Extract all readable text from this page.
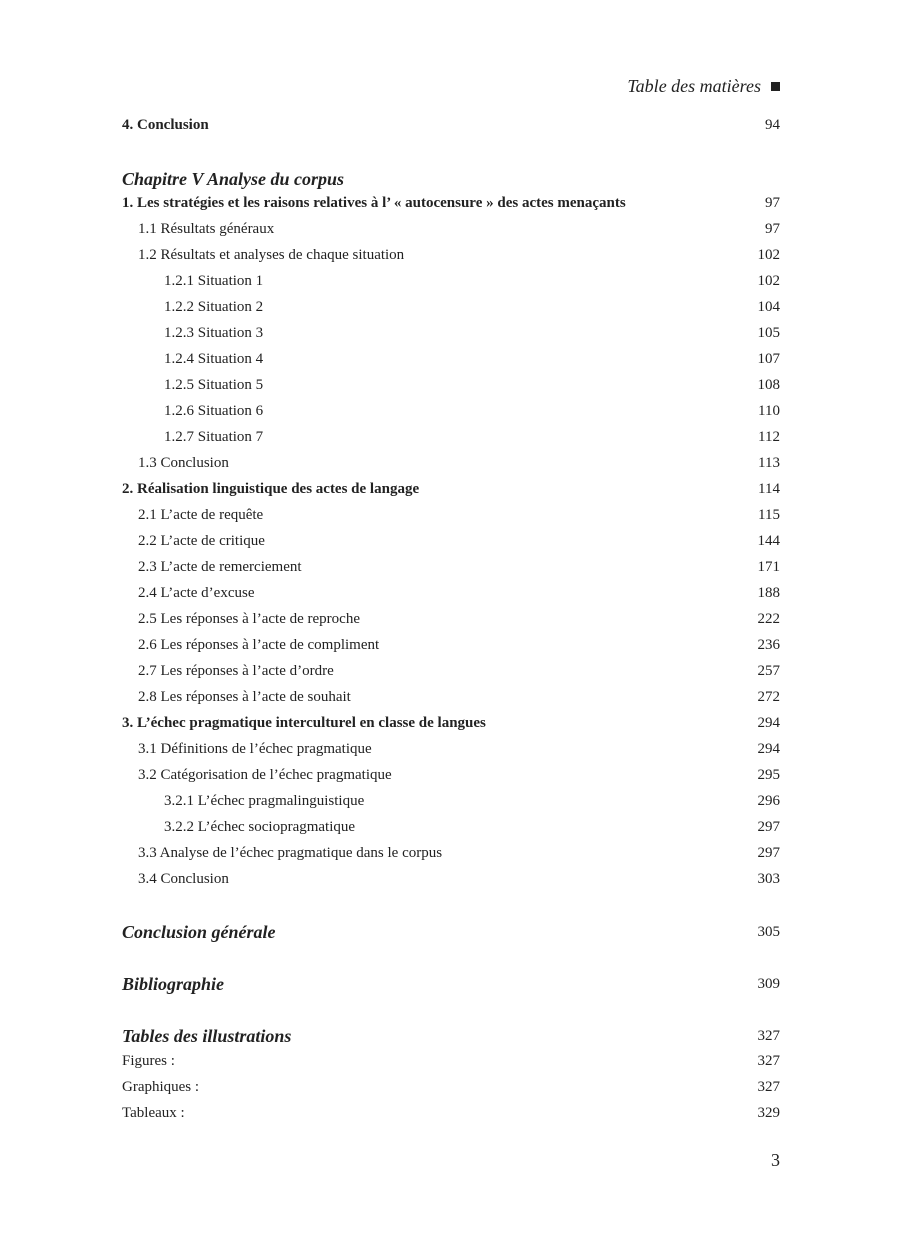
Table des matières
4. Conclusion	94
Chapitre V Analyse du corpus
1. Les stratégies et les raisons relatives à l’ « autocensure » des actes menaçants	97
1.1 Résultats généraux	97
1.2 Résultats et analyses de chaque situation	102
1.2.1 Situation 1	102
1.2.2 Situation 2	104
1.2.3 Situation 3	105
1.2.4 Situation 4	107
1.2.5 Situation 5	108
1.2.6 Situation 6	110
1.2.7 Situation 7	112
1.3 Conclusion	113
2. Réalisation linguistique des actes de langage	114
2.1 L’acte de requête	115
2.2 L’acte de critique	144
2.3 L’acte de remerciement	171
2.4 L’acte d’excuse	188
2.5 Les réponses à l’acte de reproche	222
2.6 Les réponses à l’acte de compliment	236
2.7 Les réponses à l’acte d’ordre	257
2.8 Les réponses à l’acte de souhait	272
3. L’échec pragmatique interculturel en classe de langues	294
3.1 Définitions de l’échec pragmatique	294
3.2 Catégorisation de l’échec pragmatique	295
3.2.1 L’échec pragmalinguistique	296
3.2.2 L’échec sociopragmatique	297
3.3 Analyse de l’échec pragmatique dans le corpus	297
3.4 Conclusion	303
Conclusion générale	305
Bibliographie	309
Tables des illustrations	327
Figures :	327
Graphiques :	327
Tableaux :	329
3
